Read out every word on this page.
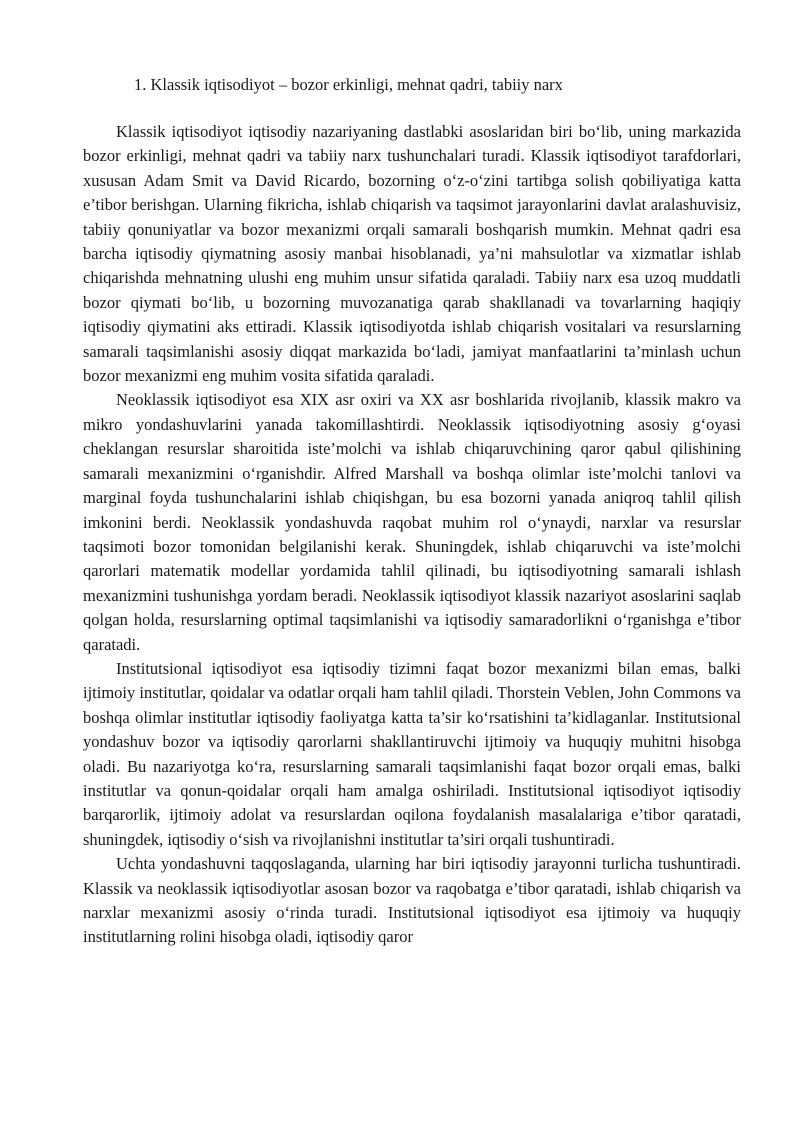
1. Klassik iqtisodiyot – bozor erkinligi, mehnat qadri, tabiiy narx

Klassik iqtisodiyot iqtisodiy nazariyaning dastlabki asoslaridan biri bo‘lib, uning markazida bozor erkinligi, mehnat qadri va tabiiy narx tushunchalari turadi. Klassik iqtisodiyot tarafdorlari, xususan Adam Smit va David Ricardo, bozorning o‘z-o‘zini tartibga solish qobiliyatiga katta e’tibor berishgan. Ularning fikricha, ishlab chiqarish va taqsimot jarayonlarini davlat aralashuvisiz, tabiiy qonuniyatlar va bozor mexanizmi orqali samarali boshqarish mumkin. Mehnat qadri esa barcha iqtisodiy qiymatning asosiy manbai hisoblanadi, ya’ni mahsulotlar va xizmatlar ishlab chiqarishda mehnatning ulushi eng muhim unsur sifatida qaraladi. Tabiiy narx esa uzoq muddatli bozor qiymati bo‘lib, u bozorning muvozanatiga qarab shakllanadi va tovarlarning haqiqiy iqtisodiy qiymatini aks ettiradi. Klassik iqtisodiyotda ishlab chiqarish vositalari va resurslarning samarali taqsimlanishi asosiy diqqat markazida bo‘ladi, jamiyat manfaatlarini ta’minlash uchun bozor mexanizmi eng muhim vosita sifatida qaraladi.

Neoklassik iqtisodiyot esa XIX asr oxiri va XX asr boshlarida rivojlanib, klassik makro va mikro yondashuvlarini yanada takomillashtirdi. Neoklassik iqtisodiyotning asosiy g‘oyasi cheklangan resurslar sharoitida iste’molchi va ishlab chiqaruvchining qaror qabul qilishining samarali mexanizmini o‘rganishdir. Alfred Marshall va boshqa olimlar iste’molchi tanlovi va marginal foyda tushunchalarini ishlab chiqishgan, bu esa bozorni yanada aniqroq tahlil qilish imkonini berdi. Neoklassik yondashuvda raqobat muhim rol o‘ynaydi, narxlar va resurslar taqsimoti bozor tomonidan belgilanishi kerak. Shuningdek, ishlab chiqaruvchi va iste’molchi qarorlari matematik modellar yordamida tahlil qilinadi, bu iqtisodiyotning samarali ishlash mexanizmini tushunishga yordam beradi. Neoklassik iqtisodiyot klassik nazariyot asoslarini saqlab qolgan holda, resurslarning optimal taqsimlanishi va iqtisodiy samaradorlikni o‘rganishga e’tibor qaratadi.

Institutsional iqtisodiyot esa iqtisodiy tizimni faqat bozor mexanizmi bilan emas, balki ijtimoiy institutlar, qoidalar va odatlar orqali ham tahlil qiladi. Thorstein Veblen, John Commons va boshqa olimlar institutlar iqtisodiy faoliyatga katta ta’sir ko‘rsatishini ta’kidlaganlar. Institutsional yondashuv bozor va iqtisodiy qarorlarni shakllantiruvchi ijtimoiy va huquqiy muhitni hisobga oladi. Bu nazariyotga ko‘ra, resurslarning samarali taqsimlanishi faqat bozor orqali emas, balki institutlar va qonun-qoidalar orqali ham amalga oshiriladi. Institutsional iqtisodiyot iqtisodiy barqarorlik, ijtimoiy adolat va resurslardan oqilona foydalanish masalalariga e’tibor qaratadi, shuningdek, iqtisodiy o‘sish va rivojlanishni institutlar ta’siri orqali tushuntiradi.

Uchta yondashuvni taqqoslaganda, ularning har biri iqtisodiy jarayonni turlicha tushuntiradi. Klassik va neoklassik iqtisodiyotlar asosan bozor va raqobatga e’tibor qaratadi, ishlab chiqarish va narxlar mexanizmi asosiy o‘rinda turadi. Institutsional iqtisodiyot esa ijtimoiy va huquqiy institutlarning rolini hisobga oladi, iqtisodiy qaror
